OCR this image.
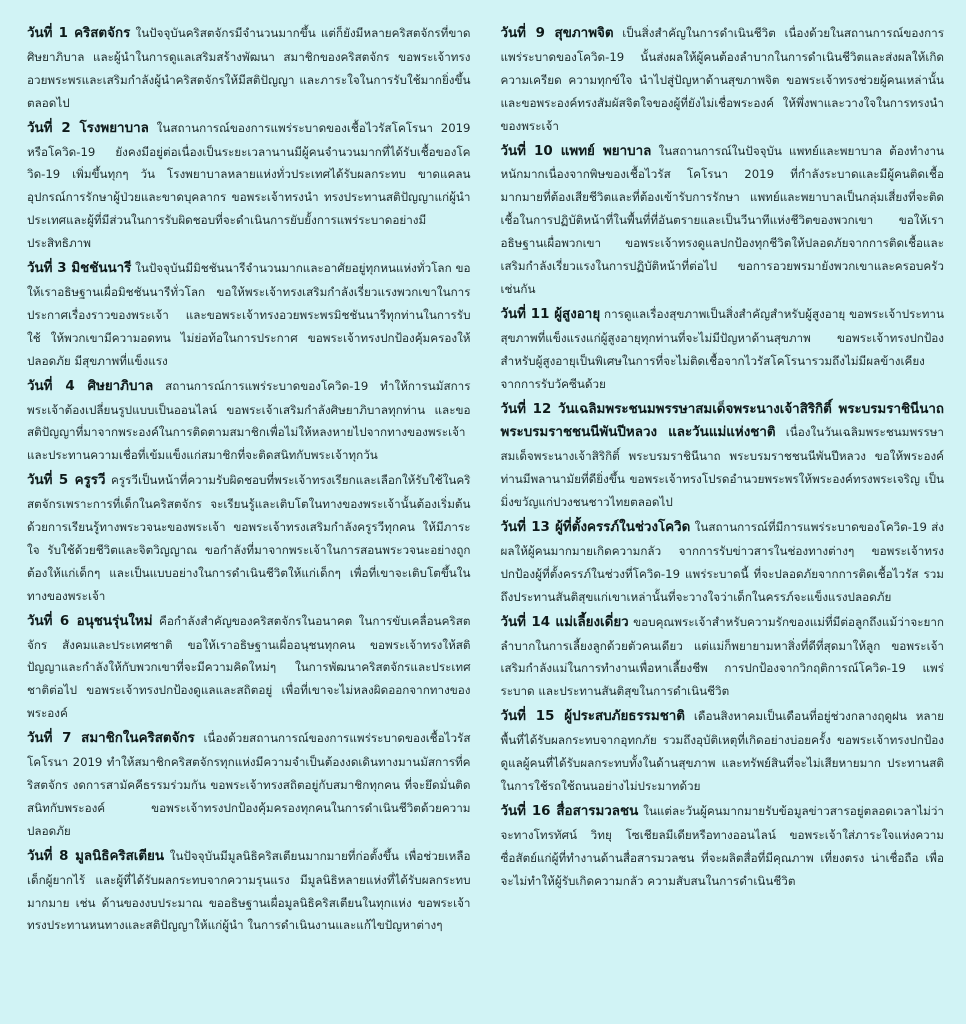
วันที่ 1 คริสตจักร ในปัจจุบันคริสตจักรมีจำนวนมากขึ้น แต่ก็ยังมีหลายคริสตจักรที่ขาดศิษยาภิบาล และผู้นำในการดูแลเสริมสร้างพัฒนา สมาชิกของคริสตจักร ขอพระเจ้าทรงอวยพระพรและเสริมกำลังผู้นำคริสตจักรให้มีสติปัญญา และภาระใจในการรับใช้มากยิ่งขึ้นตลอดไป

วันที่ 2 โรงพยาบาล ในสถานการณ์ของการแพร่ระบาดของเชื้อไวรัสโคโรนา 2019 หรือโควิด-19 ยังคงมีอยู่ต่อเนื่องเป็นระยะเวลานานมีผู้คนจำนวนมากที่ได้รับเชื้อของโควิด-19 เพิ่มขึ้นทุกๆ วัน โรงพยาบาลหลายแห่งทั่วประเทศได้รับผลกระทบ ขาดแคลนอุปกรณ์การรักษาผู้ป่วยและขาดบุคลากร ขอพระเจ้าทรงนำ ทรงประทานสติปัญญาแก่ผู้นำประเทศและผู้ที่มีส่วนในการรับผิดชอบที่จะดำเนินการยับยั้งการแพร่ระบาดอย่างมีประสิทธิภาพ

วันที่ 3 มิชชันนารี ในปัจจุบันมีมิชชันนารีจำนวนมากและอาศัยอยู่ทุกหนแห่งทั่วโลก ขอให้เราอธิษฐานเผื่อมิชชันนารีทั่วโลก ขอให้พระเจ้าทรงเสริมกำลังเรี่ยวแรงพวกเขาในการประกาศเรื่องราวของพระเจ้า และขอพระเจ้าทรงอวยพระพรมิชชันนารีทุกท่านในการรับใช้ ให้พวกเขามีความอดทน ไม่ย่อท้อในการประกาศ ขอพระเจ้าทรงปกป้องคุ้มครองให้ปลอดภัย มีสุขภาพที่แข็งแรง

วันที่ 4 ศิษยาภิบาล สถานการณ์การแพร่ระบาดของโควิด-19 ทำให้การนมัสการพระเจ้าต้องเปลี่ยนรูปแบบเป็นออนไลน์ ขอพระเจ้าเสริมกำลังศิษยาภิบาลทุกท่าน และขอสติปัญญาที่มาจากพระองค์ในการติดตามสมาชิกเพื่อไม่ให้หลงหายไปจากทางของพระเจ้า และประทานความเชื่อที่เข้มแข็งแก่สมาชิกที่จะติดสนิทกับพระเจ้าทุกวัน

วันที่ 5 ครูรวี ครูรวีเป็นหน้าที่ความรับผิดชอบที่พระเจ้าทรงเรียกและเลือกให้รับใช้ในคริสตจักรเพราะการที่เด็กในคริสตจักร จะเรียนรู้และเติบโตในทางของพระเจ้านั้นต้องเริ่มต้นด้วยการเรียนรู้ทางพระวจนะของพระเจ้า ขอพระเจ้าทรงเสริมกำลังครูรวีทุกคน ให้มีภาระใจ รับใช้ด้วยชีวิตและจิตวิญญาณ ขอกำลังที่มาจากพระเจ้าในการสอนพระวจนะอย่างถูกต้องให้แก่เด็กๆ และเป็นแบบอย่างในการดำเนินชีวิตให้แก่เด็กๆ เพื่อที่เขาจะเติบโตขึ้นในทางของพระเจ้า

วันที่ 6 อนุชนรุ่นใหม่ คือกำลังสำคัญของคริสตจักรในอนาคต ในการขับเคลื่อนคริสตจักร สังคมและประเทศชาติ ขอให้เราอธิษฐานเผื่ออนุชนทุกคน ขอพระเจ้าทรงให้สติปัญญาและกำลังให้กับพวกเขาที่จะมีความคิดใหม่ๆ ในการพัฒนาคริสตจักรและประเทศชาติต่อไป ขอพระเจ้าทรงปกป้องดูแลและสถิตอยู่ เพื่อที่เขาจะไม่หลงผิดออกจากทางของพระองค์

วันที่ 7 สมาชิกในคริสตจักร เนื่องด้วยสถานการณ์ของการแพร่ระบาดของเชื้อไวรัสโคโรนา 2019 ทำให้สมาชิกคริสตจักรทุกแห่งมีความจำเป็นต้องงดเดินทางมานมัสการที่คริสตจักร งดการสามัคคีธรรมร่วมกัน ขอพระเจ้าทรงสถิตอยู่กับสมาชิกทุกคน ที่จะยึดมั่นติดสนิทกับพระองค์ ขอพระเจ้าทรงปกป้องคุ้มครองทุกคนในการดำเนินชีวิตด้วยความปลอดภัย

วันที่ 8 มูลนิธิคริสเตียน ในปัจจุบันมีมูลนิธิคริสเตียนมากมายที่ก่อตั้งขึ้น เพื่อช่วยเหลือเด็กผู้ยากไร้ และผู้ที่ได้รับผลกระทบจากความรุนแรง มีมูลนิธิหลายแห่งที่ได้รับผลกระทบมากมาย เช่น ด้านของงบประมาณ ขออธิษฐานเผื่อมูลนิธิคริสเตียนในทุกแห่ง ขอพระเจ้าทรงประทานหนทางและสติปัญญาให้แก่ผู้นำ ในการดำเนินงานและแก้ไขปัญหาต่างๆ

วันที่ 9 สุขภาพจิต เป็นสิ่งสำคัญในการดำเนินชีวิต เนื่องด้วยในสถานการณ์ของการแพร่ระบาดของโควิด-19 นั้นส่งผลให้ผู้คนต้องลำบากในการดำเนินชีวิตและส่งผลให้เกิดความเครียด ความทุกข์ใจ นำไปสู่ปัญหาด้านสุขภาพจิต ขอพระเจ้าทรงช่วยผู้คนเหล่านั้นและขอพระองค์ทรงสัมผัสจิตใจของผู้ที่ยังไม่เชื่อพระองค์ ให้พึ่งพาและวางใจในการทรงนำของพระเจ้า

วันที่ 10 แพทย์ พยาบาล ในสถานการณ์ในปัจจุบัน แพทย์และพยาบาล ต้องทำงานหนักมากเนื่องจากพิษของเชื้อไวรัส โคโรนา 2019 ที่กำลังระบาดและมีผู้คนติดเชื้อมากมายที่ต้องเสียชีวิตและที่ต้องเข้ารับการรักษา แพทย์และพยาบาลเป็นกลุ่มเสี่ยงที่จะติดเชื้อในการปฏิบัติหน้าที่ในพื้นที่ที่อันตรายและเป็นวีนาทีแห่งชีวิตของพวกเขา ขอให้เราอธิษฐานเผื่อพวกเขา ขอพระเจ้าทรงดูแลปกป้องทุกชีวิตให้ปลอดภัยจากการติดเชื้อและเสริมกำลังเรี่ยวแรงในการปฏิบัติหน้าที่ต่อไป ขอการอวยพรมายังพวกเขาและครอบครัวเช่นกัน

วันที่ 11 ผู้สูงอายุ การดูแลเรื่องสุขภาพเป็นสิ่งสำคัญสำหรับผู้สูงอายุ ขอพระเจ้าประทานสุขภาพที่แข็งแรงแก่ผู้สูงอายุทุกท่านที่จะไม่มีปัญหาด้านสุขภาพ ขอพระเจ้าทรงปกป้องสำหรับผู้สูงอายุเป็นพิเศษในการที่จะไม่ติดเชื้อจากไวรัสโคโรนารวมถึงไม่มีผลข้างเคียงจากการรับวัคซีนด้วย

วันที่ 12 วันเฉลิมพระชนมพรรษาสมเด็จพระนางเจ้าสิริกิติ์ พระบรมราชินีนาถ พระบรมราชชนนีพันปีหลวง และวันแม่แห่งชาติ เนื่องในวันเฉลิมพระชนมพรรษาสมเด็จพระนางเจ้าสิริกิติ์ พระบรมราชินีนาถ พระบรมราชชนนีพันปีหลวง ขอให้พระองค์ท่านมีพลานามัยที่ดียิ่งขึ้น ขอพระเจ้าทรงโปรดอำนวยพระพรให้พระองค์ทรงพระเจริญ เป็นมิ่งขวัญแก่ปวงชนชาวไทยตลอดไป

วันที่ 13 ผู้ที่ตั้งครรภ์ในช่วงโควิด ในสถานการณ์ที่มีการแพร่ระบาดของโควิด-19 ส่งผลให้ผู้คนมากมายเกิดความกลัว จากการรับข่าวสารในช่องทางต่างๆ ขอพระเจ้าทรงปกป้องผู้ที่ตั้งครรภ์ในช่วงที่โควิด-19 แพร่ระบาดนี้ ที่จะปลอดภัยจากการติดเชื้อไวรัส รวมถึงประทานสันติสุขแก่เขาเหล่านั้นที่จะวางใจว่าเด็กในครรภ์จะแข็งแรงปลอดภัย

วันที่ 14 แม่เลี้ยงเดี่ยว ขอบคุณพระเจ้าสำหรับความรักของแม่ที่มีต่อลูกถึงแม้ว่าจะยากลำบากในการเลี้ยงลูกด้วยตัวคนเดียว แต่แม่ก็พยายามหาสิ่งที่ดีที่สุดมาให้ลูก ขอพระเจ้าเสริมกำลังแม่ในการทำงานเพื่อหาเลี้ยงชีพ การปกป้องจากวิกฤติการณ์โควิด-19 แพร่ระบาด และประทานสันติสุขในการดำเนินชีวิต

วันที่ 15 ผู้ประสบภัยธรรมชาติ เดือนสิงหาคมเป็นเดือนที่อยู่ช่วงกลางฤดูฝน หลายพื้นที่ได้รับผลกระทบจากอุทกภัย รวมถึงอุบัติเหตุที่เกิดอย่างบ่อยครั้ง ขอพระเจ้าทรงปกป้องดูแลผู้คนที่ได้รับผลกระทบทั้งในด้านสุขภาพ และทรัพย์สินที่จะไม่เสียหายมาก ประทานสติในการใช้รถใช้ถนนอย่างไม่ประมาทด้วย

วันที่ 16 สื่อสารมวลชน ในแต่ละวันผู้คนมากมายรับข้อมูลข่าวสารอยู่ตลอดเวลาไม่ว่าจะทางโทรทัศน์ วิทยุ โซเชียลมีเดียหรือทางออนไลน์ ขอพระเจ้าใส่ภาระใจแห่งความซื่อสัตย์แก่ผู้ที่ทำงานด้านสื่อสารมวลชน ที่จะผลิตสื่อที่มีคุณภาพ เที่ยงตรง น่าเชื่อถือ เพื่อจะไม่ทำให้ผู้รับเกิดความกลัว ความสับสนในการดำเนินชีวิต
